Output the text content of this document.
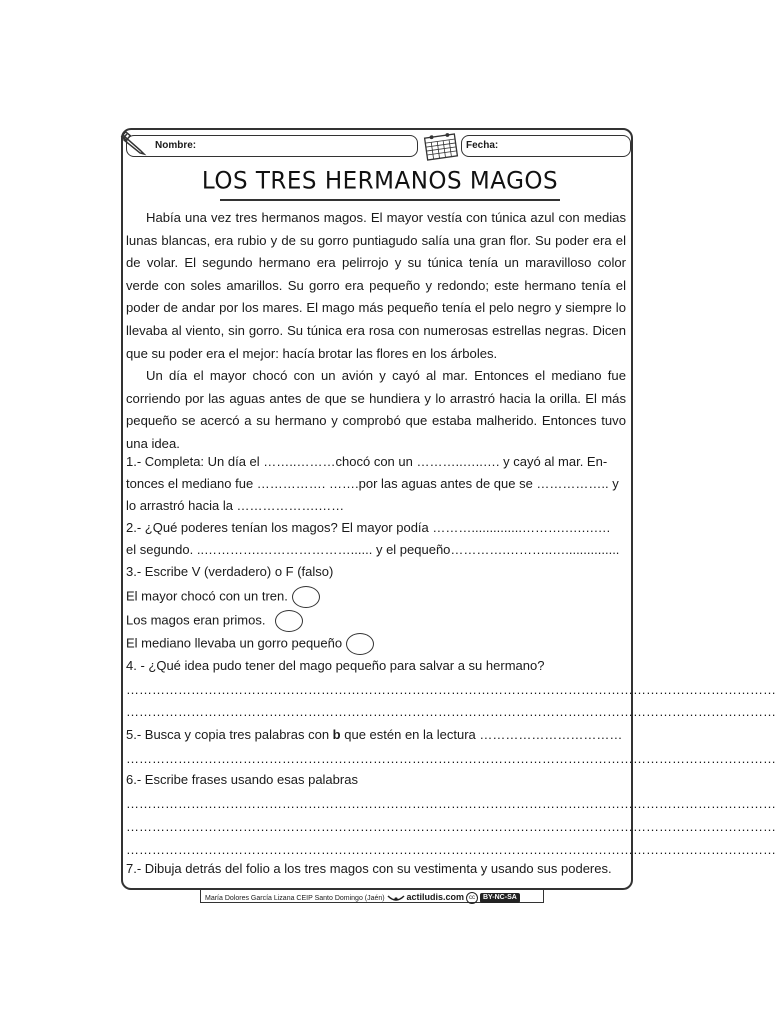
Nombre:	Fecha:
LOS TRES HERMANOS MAGOS

Había una vez tres hermanos magos. El mayor vestía con túnica azul con medias lunas blancas, era rubio y de su gorro puntiagudo salía una gran flor. Su poder era el de volar. El segundo hermano era pelirrojo y su túnica tenía un maravilloso color verde con soles amarillos. Su gorro era pequeño y redondo; este hermano tenía el poder de andar por los mares. El mago más pequeño tenía el pelo negro y siempre lo llevaba al viento, sin gorro. Su túnica era rosa con numerosas estrellas negras. Dicen que su poder era el mejor: hacía brotar las flores en los árboles.

Un día el mayor chocó con un avión y cayó al mar. Entonces el mediano fue corriendo por las aguas antes de que se hundiera y lo arrastró hacia la orilla. El más pequeño se acercó a su hermano y comprobó que estaba malherido. Entonces tuvo una idea.

1.- Completa: Un día el ……..………chocó con un ………..…..…. y cayó al mar. En-
tonces el mediano fue ……………. …….por las aguas antes de que se …………….. y
lo arrastró hacia la ……………….……
2.- ¿Qué poderes tenían los magos? El mayor podía ………..............……….….….…
el segundo. ..………….…………………...... y el pequeño………….………..…...............
3.- Escribe V (verdadero) o F (falso)
El mayor chocó con un tren.
Los magos eran primos.
El mediano llevaba un gorro pequeño
4. - ¿Qué idea pudo tener del mago pequeño para salvar a su hermano?
……………………………………………………………………………………………………………………………………
……………………………………………………………………………………………………………………………………
5.- Busca y copia tres palabras con b que estén en la lectura ……………………………
……………………………………………………………………………………………………………………………………
6.- Escribe frases usando esas palabras
……………………………………………………………………………………………………………………………………
……………………………………………………………………………………………………………………………………
……………………………………………………………………………………………………………………………………
7.- Dibuja detrás del folio a los tres magos con su vestimenta y usando sus poderes.
María Dolores García Lizana CEIP Santo Domingo (Jaén) actiludis.com cc BY-NC-SA
